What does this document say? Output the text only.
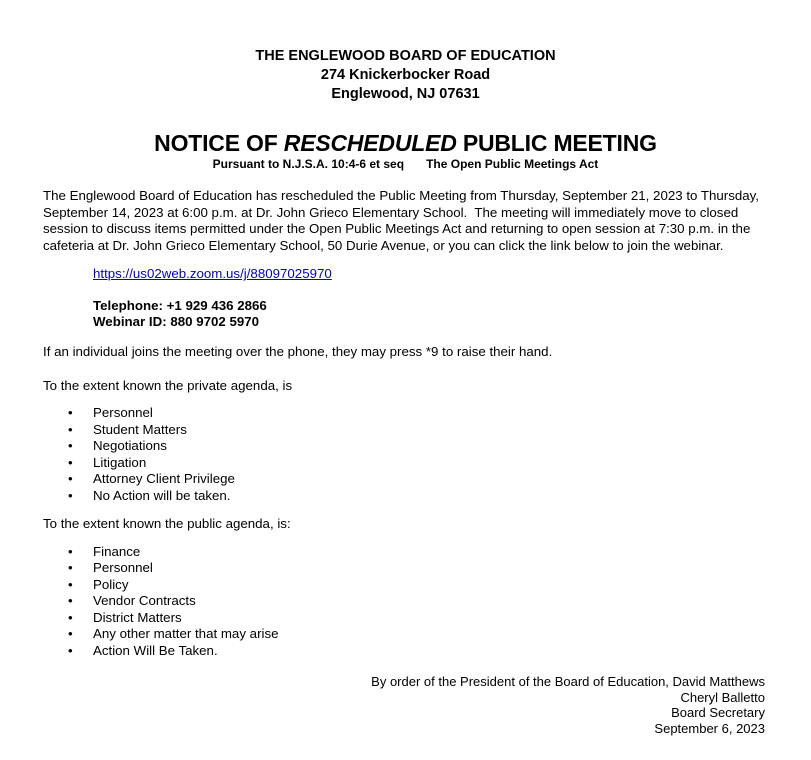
THE ENGLEWOOD BOARD OF EDUCATION
274 Knickerbocker Road
Englewood, NJ 07631
NOTICE OF RESCHEDULED PUBLIC MEETING
Pursuant to N.J.S.A. 10:4-6 et seq The Open Public Meetings Act

The Englewood Board of Education has rescheduled the Public Meeting from Thursday, September 21, 2023 to Thursday, September 14, 2023 at 6:00 p.m. at Dr. John Grieco Elementary School.  The meeting will immediately move to closed session to discuss items permitted under the Open Public Meetings Act and returning to open session at 7:30 p.m. in the cafeteria at Dr. John Grieco Elementary School, 50 Durie Avenue, or you can click the link below to join the webinar.

https://us02web.zoom.us/j/88097025970
Telephone: +1 929 436 2866
Webinar ID: 880 9702 5970

If an individual joins the meeting over the phone, they may press *9 to raise their hand.

To the extent known the private agenda, is

• Personnel
• Student Matters
• Negotiations
• Litigation
• Attorney Client Privilege
• No Action will be taken.

To the extent known the public agenda, is:

• Finance
• Personnel
• Policy
• Vendor Contracts
• District Matters
• Any other matter that may arise
• Action Will Be Taken.
By order of the President of the Board of Education, David Matthews
Cheryl Balletto
Board Secretary
September 6, 2023
